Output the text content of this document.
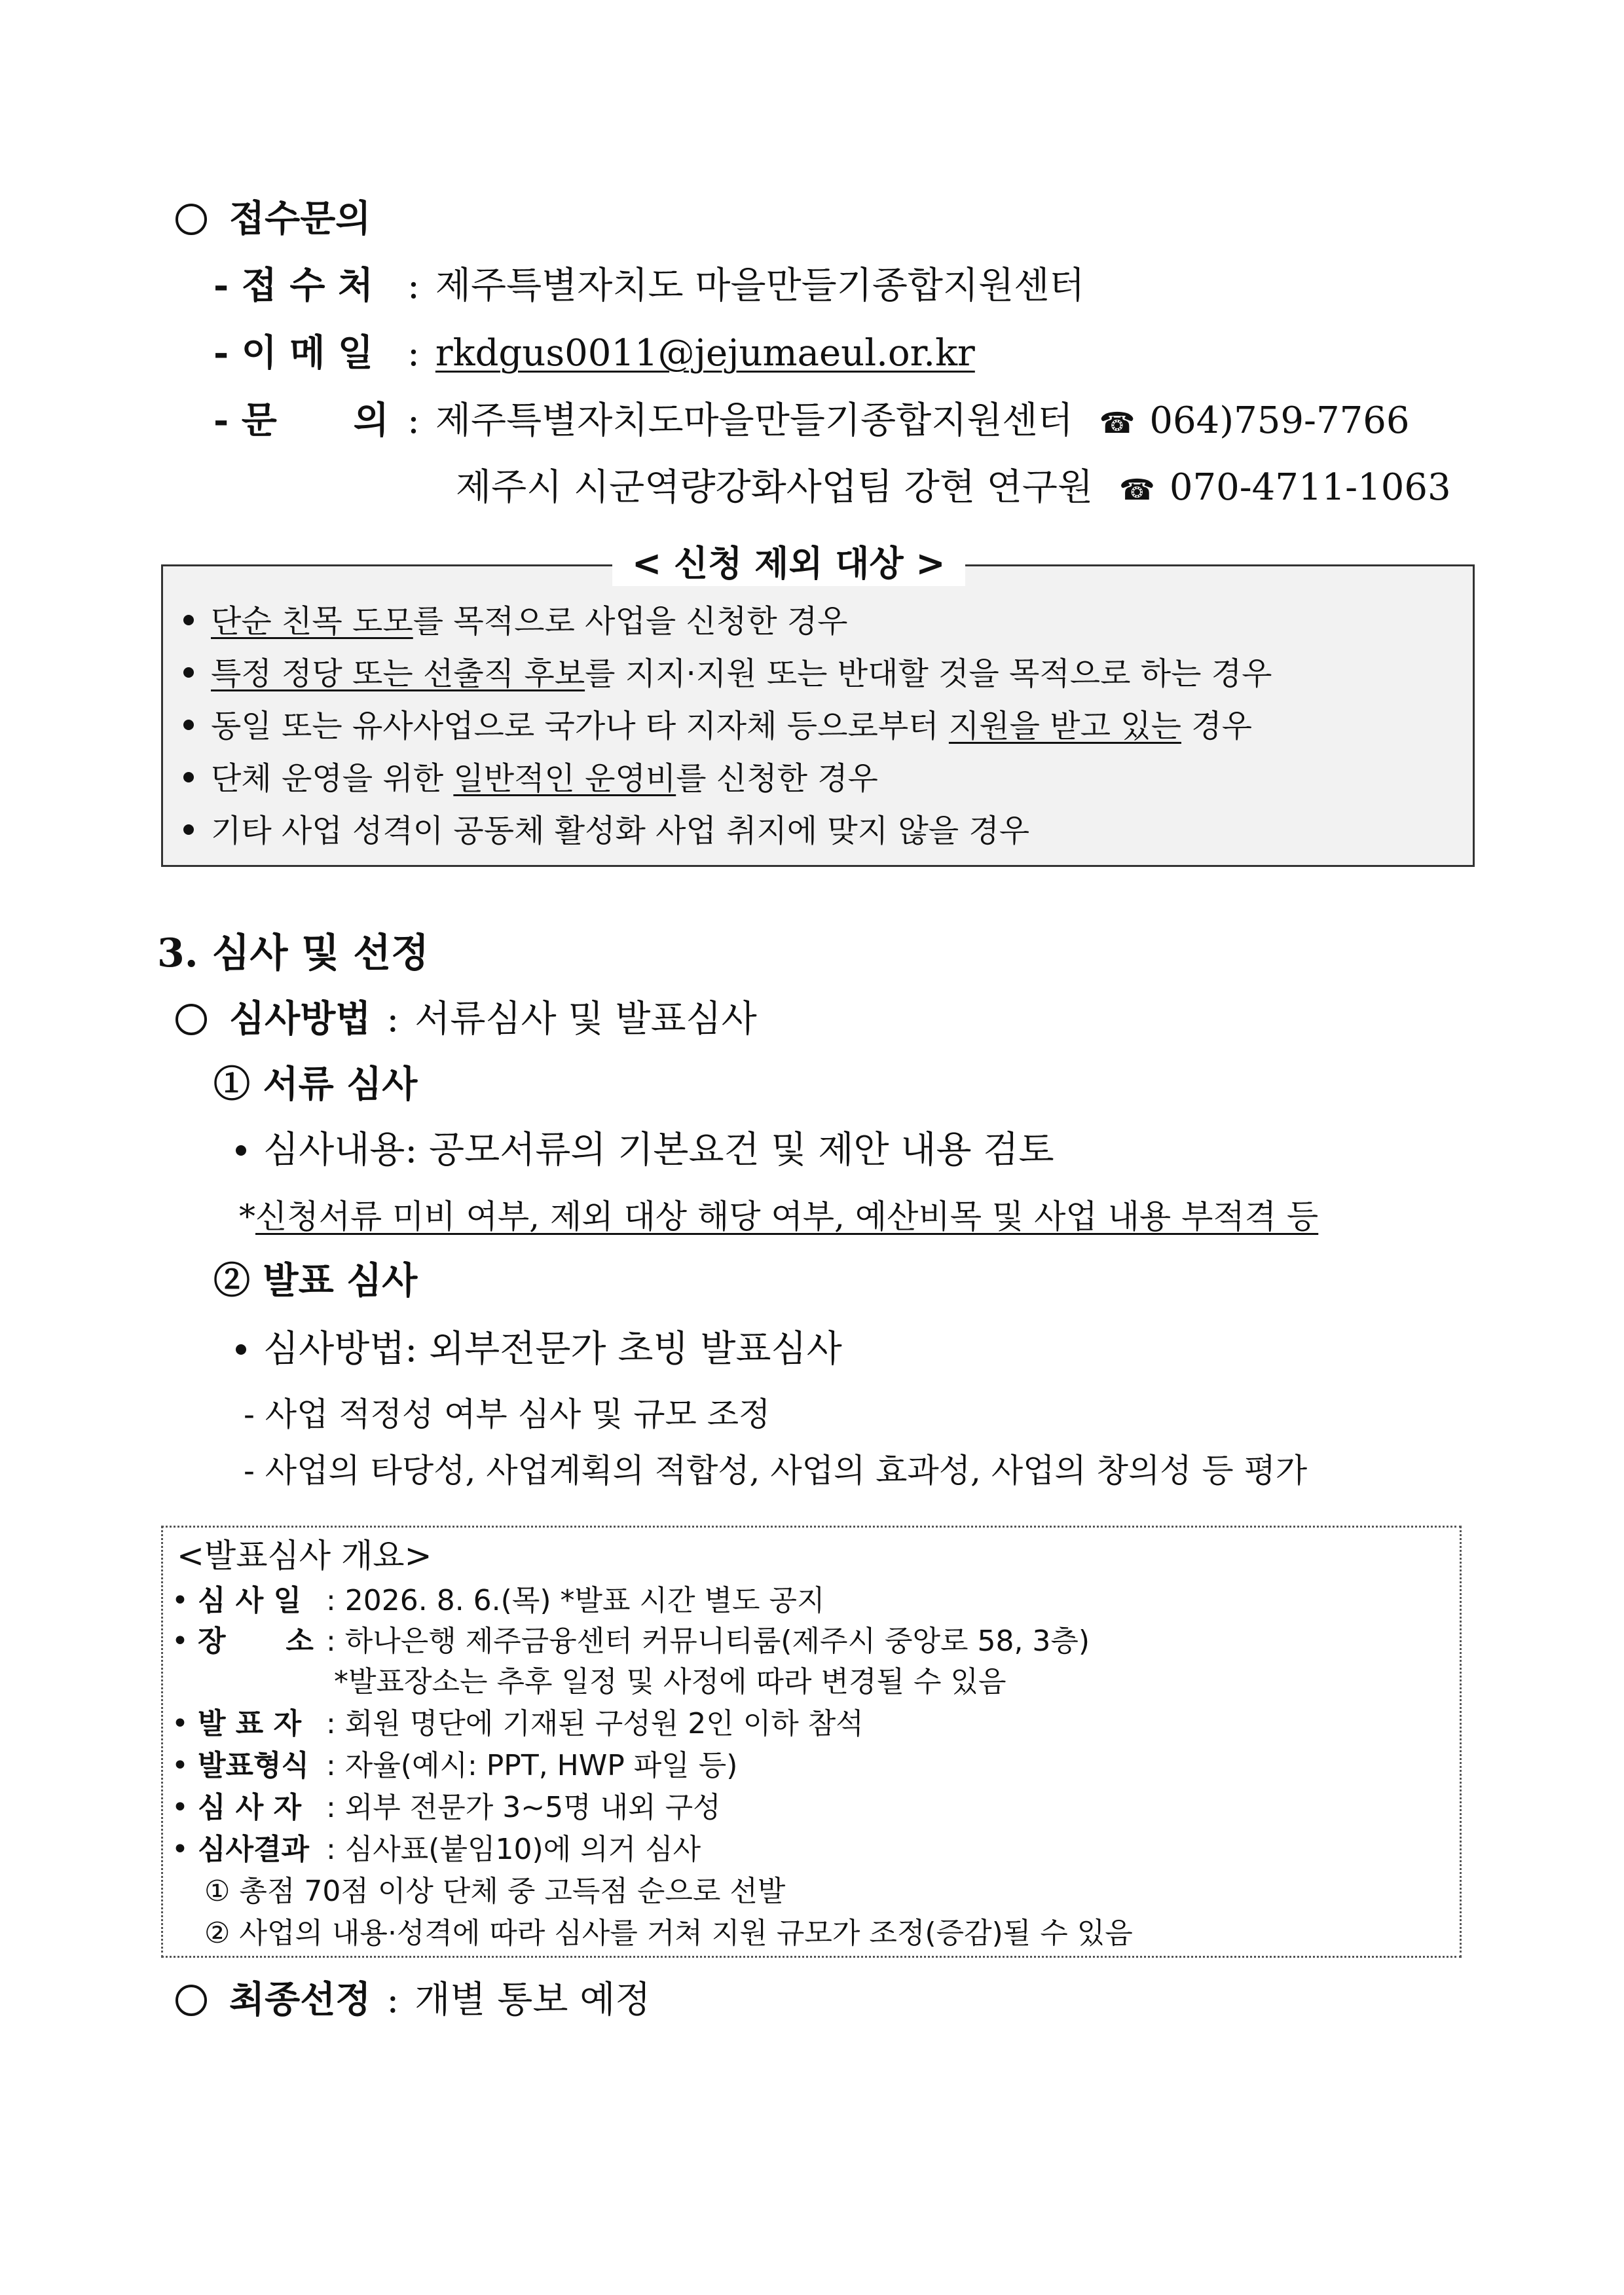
접수문의
- 접 수 처 : 제주특별자치도 마을만들기종합지원센터
- 이 메 일 : rkdgus0011@jejumaeul.or.kr
- 문      의 : 제주특별자치도마을만들기종합지원센터 ☎ 064)759-7766
제주시 시군역량강화사업팀 강현 연구원 ☎ 070-4711-1063
< 신청 제외 대상 >
단순 친목 도모를 목적으로 사업을 신청한 경우
특정 정당 또는 선출직 후보를 지지·지원 또는 반대할 것을 목적으로 하는 경우
동일 또는 유사사업으로 국가나 타 지자체 등으로부터 지원을 받고 있는 경우
단체 운영을 위한 일반적인 운영비를 신청한 경우
기타 사업 성격이 공동체 활성화 사업 취지에 맞지 않을 경우
3. 심사 및 선정
심사방법 : 서류심사 및 발표심사
① 서류 심사
심사내용: 공모서류의 기본요건 및 제안 내용 검토
*신청서류 미비 여부, 제외 대상 해당 여부, 예산비목 및 사업 내용 부적격 등
② 발표 심사
심사방법: 외부전문가 초빙 발표심사
- 사업 적정성 여부 심사 및 규모 조정
- 사업의 타당성, 사업계획의 적합성, 사업의 효과성, 사업의 창의성 등 평가
<발표심사 개요>
• 심 사 일 : 2026. 8. 6.(목) *발표 시간 별도 공지
• 장      소 : 하나은행 제주금융센터 커뮤니티룸(제주시 중앙로 58, 3층)
*발표장소는 추후 일정 및 사정에 따라 변경될 수 있음
• 발 표 자 : 회원 명단에 기재된 구성원 2인 이하 참석
• 발표형식 : 자율(예시: PPT, HWP 파일 등)
• 심 사 자 : 외부 전문가 3~5명 내외 구성
• 심사결과 : 심사표(붙임10)에 의거 심사
① 총점 70점 이상 단체 중 고득점 순으로 선발
② 사업의 내용·성격에 따라 심사를 거쳐 지원 규모가 조정(증감)될 수 있음
최종선정 : 개별 통보 예정
